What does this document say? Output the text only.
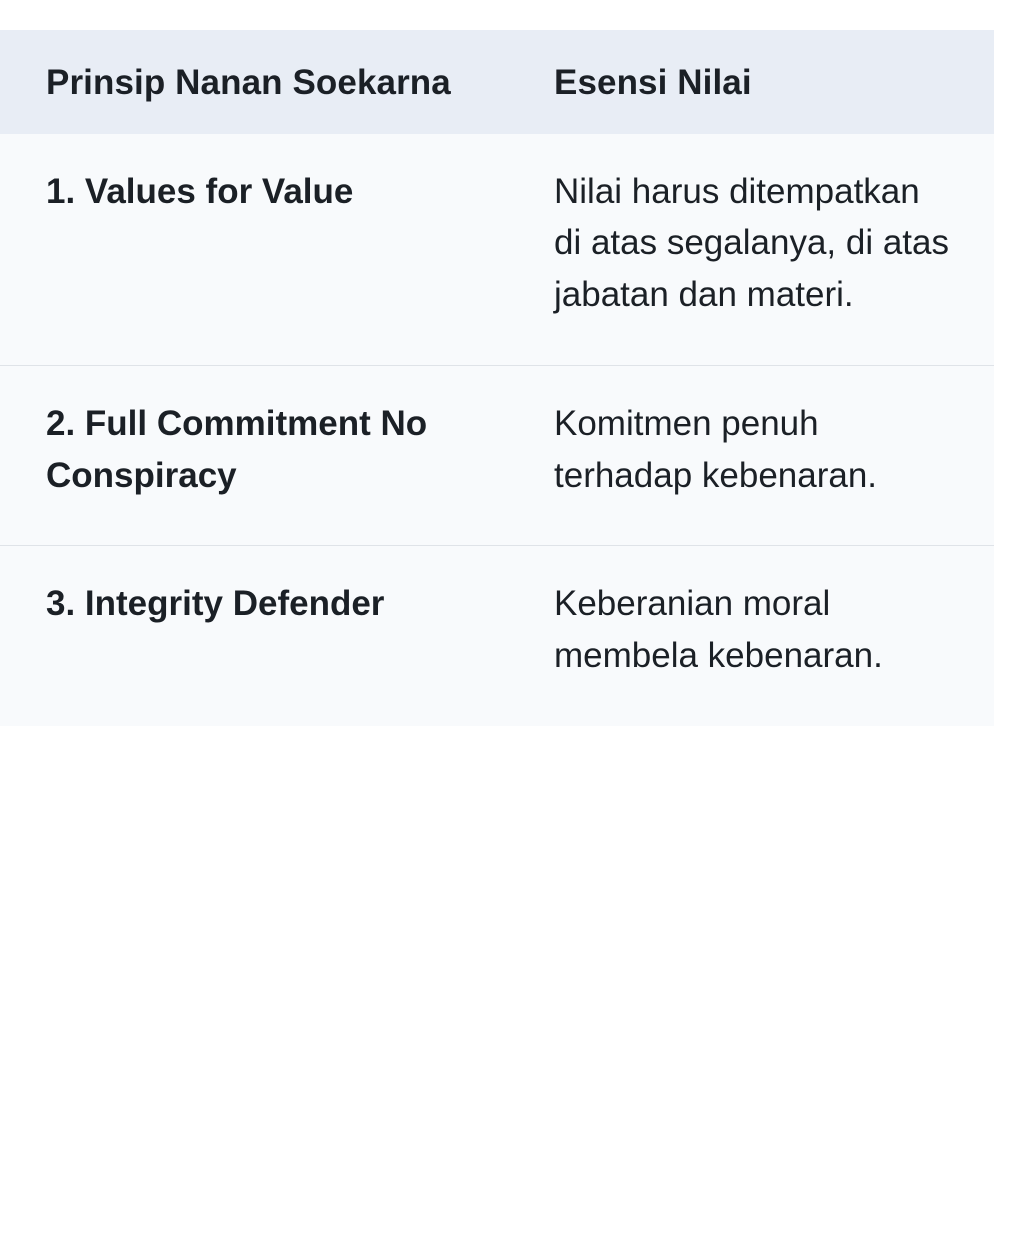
Prinsip Nanan Soekarna	Esensi Nilai
1. Values for Value	Nilai harus ditempatkan di atas segalanya, di atas jabatan dan materi.
2. Full Commitment No Conspiracy	Komitmen penuh terhadap kebenaran.
3. Integrity Defender	Keberanian moral membela kebenaran.
